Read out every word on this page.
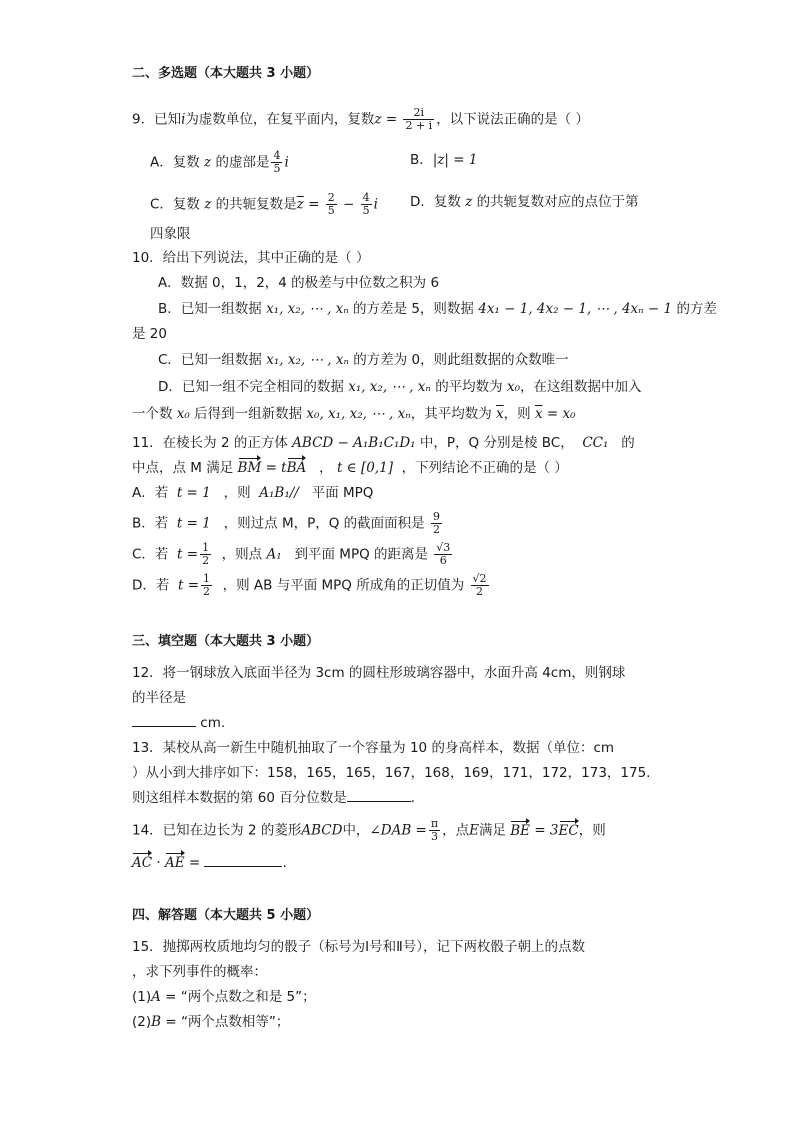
二、多选题（本大题共 3 小题）
9．已知i为虚数单位，在复平面内，复数$z = \frac{2i}{2 + i}$ ，以下说法正确的是（ ）
A．复数 z 的虚部是 $\frac{4}{5}$ i	B．|z| = 1
C．复数 z 的共轭复数是$\overline{z} = \frac{2}{5} - \frac{4}{5}$ i D．复数 z 的共轭复数对应的点位于第
四象限
10．给出下列说法，其中正确的是（ ）
A．数据 0，1，2，4 的极差与中位数之积为 6
B．已知一组数据 x₁, x₂, ⋯ , xₙ 的方差是 5，则数据 4x₁ − 1, 4x₂ − 1, ⋯ , 4xₙ − 1 的方差
是 20
C．已知一组数据 x₁, x₂, ⋯ , xₙ 的方差为 0，则此组数据的众数唯一
D．已知一组不完全相同的数据 x₁, x₂, ⋯ , xₙ 的平均数为 x₀，在这组数据中加入
一个数 x₀ 后得到一组新数据 x₀, x₁, x₂, ⋯ , xₙ，其平均数为 $\overline{x}$，则 $\overline{x} = x_0$
11．在棱长为 2 的正方体 ABCD − A₁B₁C₁D₁ 中，P，Q 分别是棱 BC， CC₁ 的
中点，点 M 满足 BM = tBA ， t ∈ [0,1] ，下列结论不正确的是（ ）
A．若 t = 1 ，则 A₁B₁// 平面 MPQ
B．若 t = 1 ，则过点 M，P，Q 的截面面积是 $\frac{9}{2}$
C．若 $t = \frac{1}{2}$ ，则点 A₁ 到平面 MPQ 的距离是 $\frac{√3}{6}$
D．若 $t = \frac{1}{2}$ ，则 AB 与平面 MPQ 所成角的正切值为 $\frac{√2}{2}$
三、填空题（本大题共 3 小题）
12．将一钢球放入底面半径为 3cm 的圆柱形玻璃容器中，水面升高 4cm，则钢球
的半径是
cm.
13．某校从高一新生中随机抽取了一个容量为 10 的身高样本，数据（单位：cm
）从小到大排序如下：158，165，165，167，168，169，171，172，173，175.
则这组样本数据的第 60 百分位数是	.
14．已知在边长为 2 的菱形ABCD中，∠DAB = $\frac{\pi}{3}$ ，点E满足 BE = 3EC，则
AC · AE =	.
四、解答题（本大题共 5 小题）
15．抛掷两枚质地均匀的骰子（标号为Ⅰ号和Ⅱ号），记下两枚骰子朝上的点数
，求下列事件的概率：
(1)A = “两个点数之和是 5”；
(2)B = “两个点数相等”；
